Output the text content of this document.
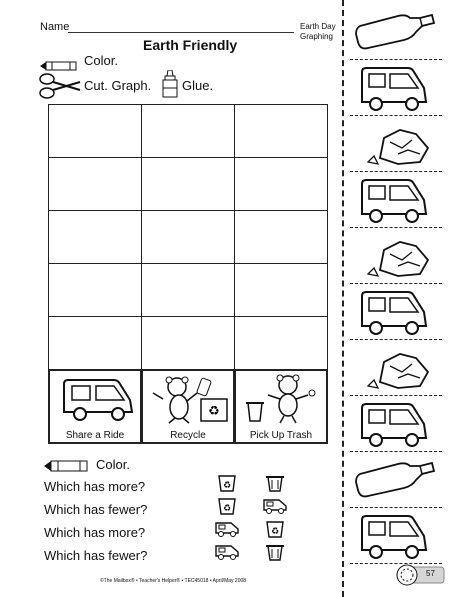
Name	Earth Day
Graphing
Earth Friendly
Color.
Cut. Graph. Glue.
Share a Ride
♻
Recycle	Pick Up Trash
Color.
Which has more?
Which has fewer?
Which has more?
Which has fewer?
♻
♻
♻
©The Mailbox® • Teacher's Helper® • TEC45018 • April/May 2008
57
